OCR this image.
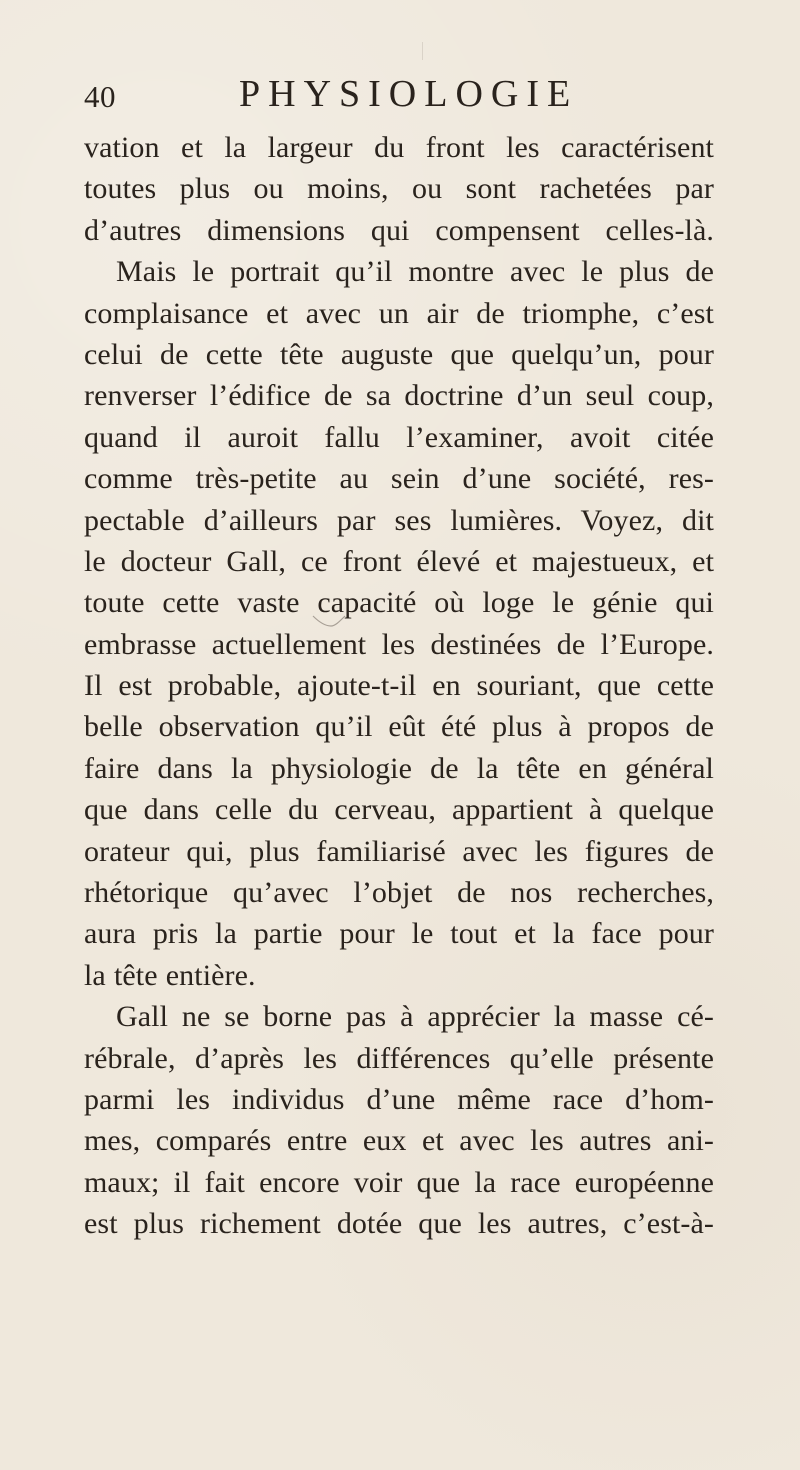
40	PHYSIOLOGIE
vation et la largeur du front les caractérisent
toutes plus ou moins, ou sont rachetées par
d’autres dimensions qui compensent celles-là.
Mais le portrait qu’il montre avec le plus de
complaisance et avec un air de triomphe, c’est
celui de cette tête auguste que quelqu’un, pour
renverser l’édifice de sa doctrine d’un seul coup,
quand il auroit fallu l’examiner, avoit citée
comme très-petite au sein d’une société, res-
pectable d’ailleurs par ses lumières. Voyez, dit
le docteur Gall, ce front élevé et majestueux, et
toute cette vaste capacité où loge le génie qui
embrasse actuellement les destinées de l’Europe.
Il est probable, ajoute-t-il en souriant, que cette
belle observation qu’il eût été plus à propos de
faire dans la physiologie de la tête en général
que dans celle du cerveau, appartient à quelque
orateur qui, plus familiarisé avec les figures de
rhétorique qu’avec l’objet de nos recherches,
aura pris la partie pour le tout et la face pour
la tête entière.
Gall ne se borne pas à apprécier la masse cé-
rébrale, d’après les différences qu’elle présente
parmi les individus d’une même race d’hom-
mes, comparés entre eux et avec les autres ani-
maux; il fait encore voir que la race européenne
est plus richement dotée que les autres, c’est-à-
